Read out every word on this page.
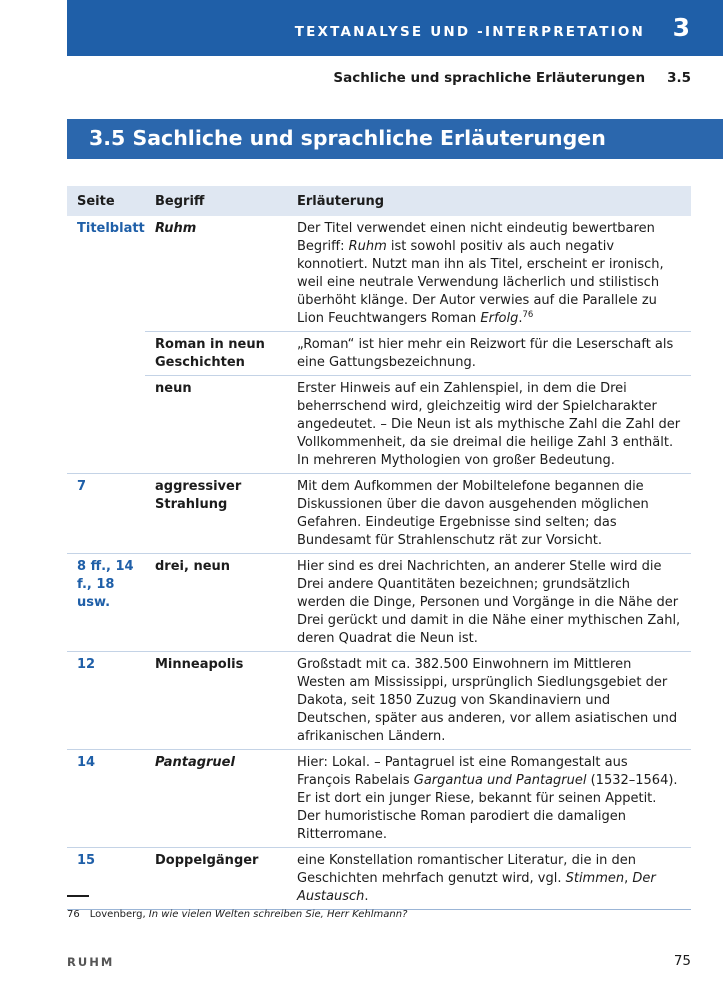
TEXTANALYSE UND -INTERPRETATION 3
Sachliche und sprachliche Erläuterungen 3.5
3.5 Sachliche und sprachliche Erläuterungen
Seite	Begriff	Erläuterung
Titelblatt	Ruhm	Der Titel verwendet einen nicht eindeutig bewertbaren Begriff: Ruhm ist sowohl positiv als auch negativ konnotiert. Nutzt man ihn als Titel, erscheint er ironisch, weil eine neutrale Verwendung lächerlich und stilistisch überhöht klänge. Der Autor verwies auf die Parallele zu Lion Feuchtwangers Roman Erfolg.$^{76}$
	Roman in neun Geschichten	„Roman“ ist hier mehr ein Reizwort für die Leserschaft als eine Gattungsbezeichnung.
	neun	Erster Hinweis auf ein Zahlenspiel, in dem die Drei beherrschend wird, gleichzeitig wird der Spielcharakter angedeutet. – Die Neun ist als mythische Zahl die Zahl der Vollkommenheit, da sie dreimal die heilige Zahl 3 enthält. In mehreren Mythologien von großer Bedeutung.
7	aggressiver Strahlung	Mit dem Aufkommen der Mobiltelefone begannen die Diskussionen über die davon ausgehenden möglichen Gefahren. Eindeutige Ergebnisse sind selten; das Bundesamt für Strahlenschutz rät zur Vorsicht.
8 ff., 14 f., 18 usw.	drei, neun	Hier sind es drei Nachrichten, an anderer Stelle wird die Drei andere Quantitäten bezeichnen; grundsätzlich werden die Dinge, Personen und Vorgänge in die Nähe der Drei gerückt und damit in die Nähe einer mythischen Zahl, deren Quadrat die Neun ist.
12	Minneapolis	Großstadt mit ca. 382.500 Einwohnern im Mittleren Westen am Mississippi, ursprünglich Siedlungsgebiet der Dakota, seit 1850 Zuzug von Skandinaviern und Deutschen, später aus anderen, vor allem asiatischen und afrikanischen Ländern.
14	Pantagruel	Hier: Lokal. – Pantagruel ist eine Romangestalt aus François Rabelais Gargantua und Pantagruel (1532–1564). Er ist dort ein junger Riese, bekannt für seinen Appetit. Der humoristische Roman parodiert die damaligen Ritterromane.
15	Doppelgänger	eine Konstellation romantischer Literatur, die in den Geschichten mehrfach genutzt wird, vgl. Stimmen, Der Austausch.
76 Lovenberg, In wie vielen Welten schreiben Sie, Herr Kehlmann?
RUHM	75
